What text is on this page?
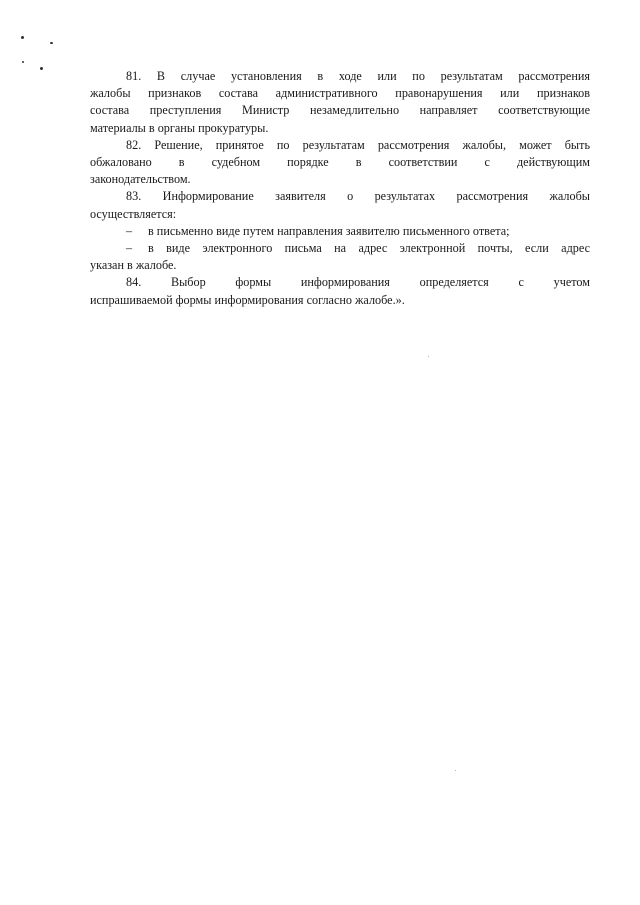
81. В случае установления в ходе или по результатам рассмотрения
жалобы признаков состава административного правонарушения или признаков
состава преступления Министр незамедлительно направляет соответствующие
материалы в органы прокуратуры.

82. Решение, принятое по результатам рассмотрения жалобы, может быть
обжаловано в судебном порядке в соответствии с действующим
законодательством.

83. Информирование заявителя о результатах рассмотрения жалобы
осуществляется:

– в письменно виде путем направления заявителю письменного ответа;

– в виде электронного письма на адрес электронной почты, если адрес
указан в жалобе.

84. Выбор формы информирования определяется с учетом
испрашиваемой формы информирования согласно жалобе.».
